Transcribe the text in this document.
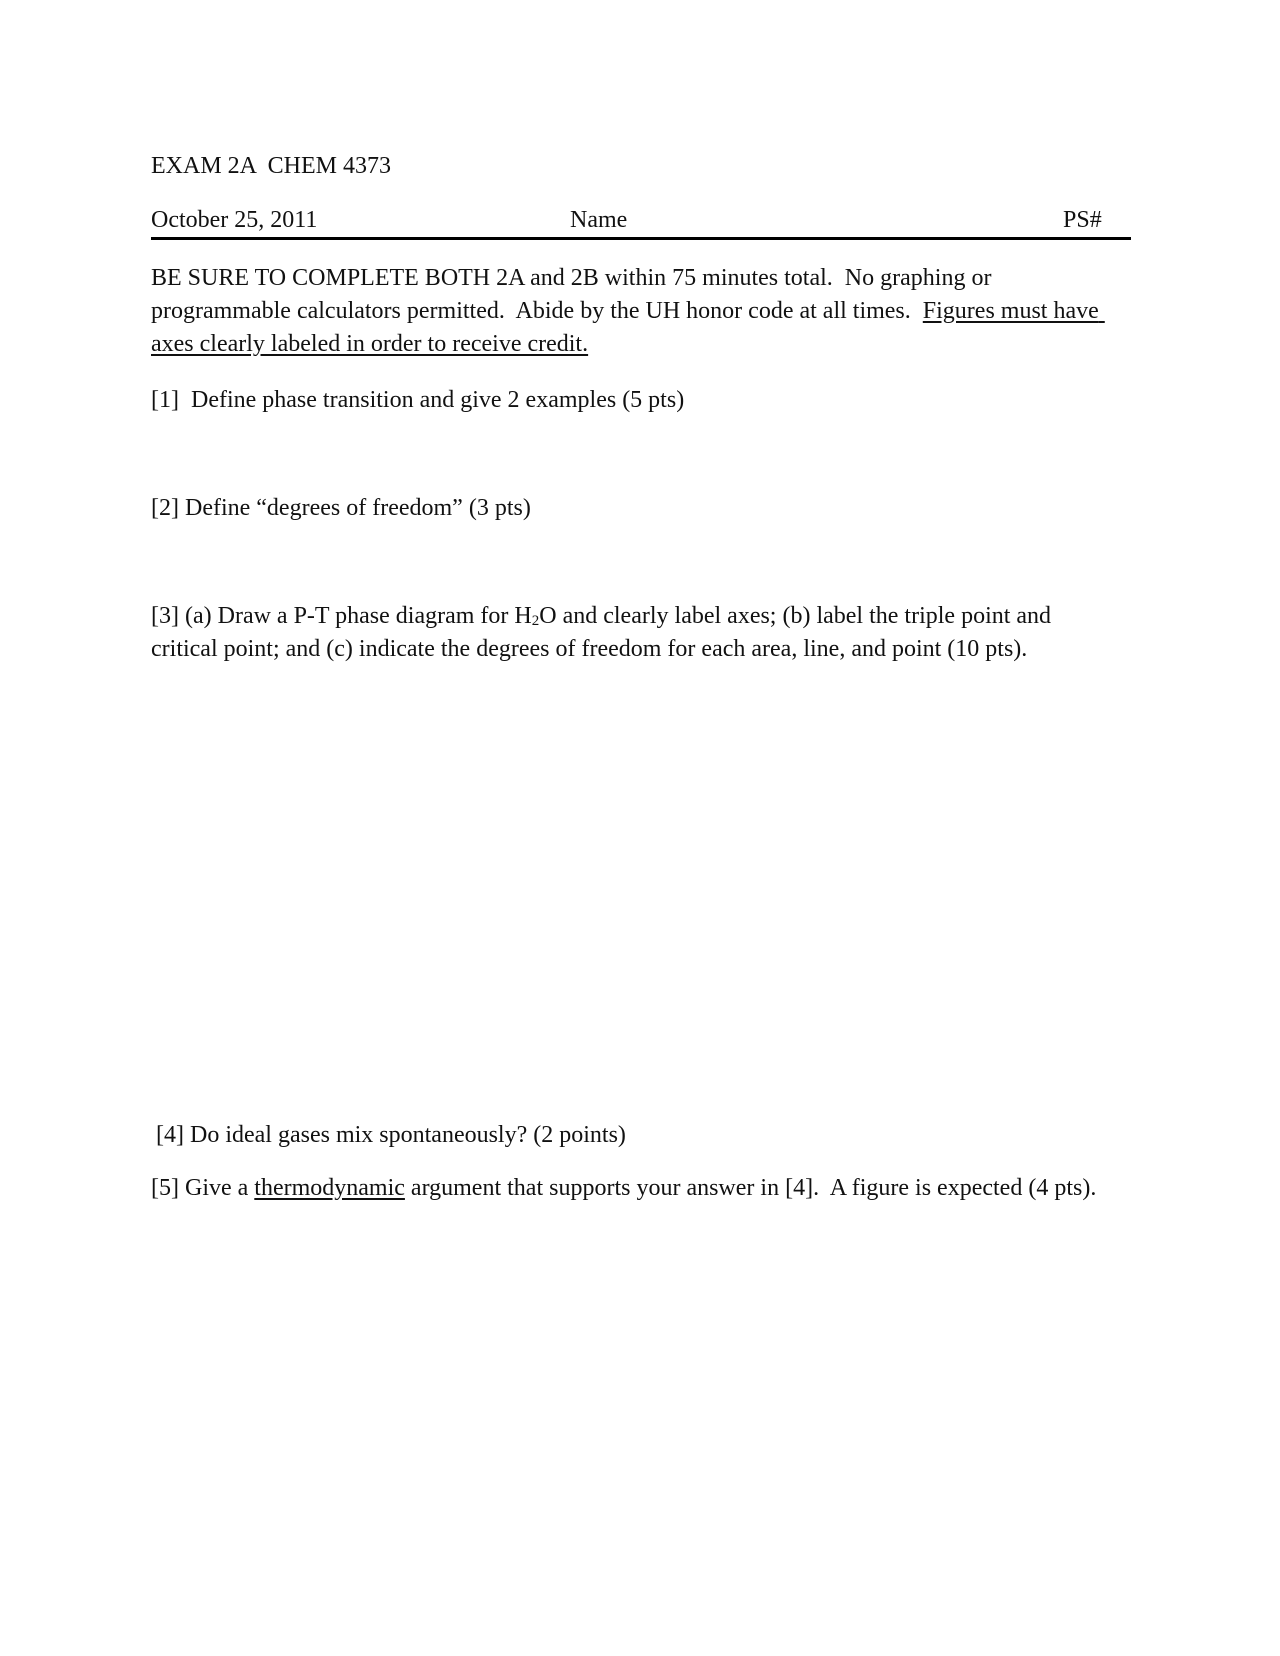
EXAM 2A  CHEM 4373
October 25, 2011	Name	PS#
BE SURE TO COMPLETE BOTH 2A and 2B within 75 minutes total.  No graphing or programmable calculators permitted.  Abide by the UH honor code at all times.  Figures must have axes clearly labeled in order to receive credit.
[1]  Define phase transition and give 2 examples (5 pts)
[2] Define “degrees of freedom” (3 pts)
[3] (a) Draw a P-T phase diagram for $H_2O$ and clearly label axes; (b) label the triple point and critical point; and (c) indicate the degrees of freedom for each area, line, and point (10 pts).
[4] Do ideal gases mix spontaneously? (2 points)
[5] Give a thermodynamic argument that supports your answer in [4].  A figure is expected (4 pts).
